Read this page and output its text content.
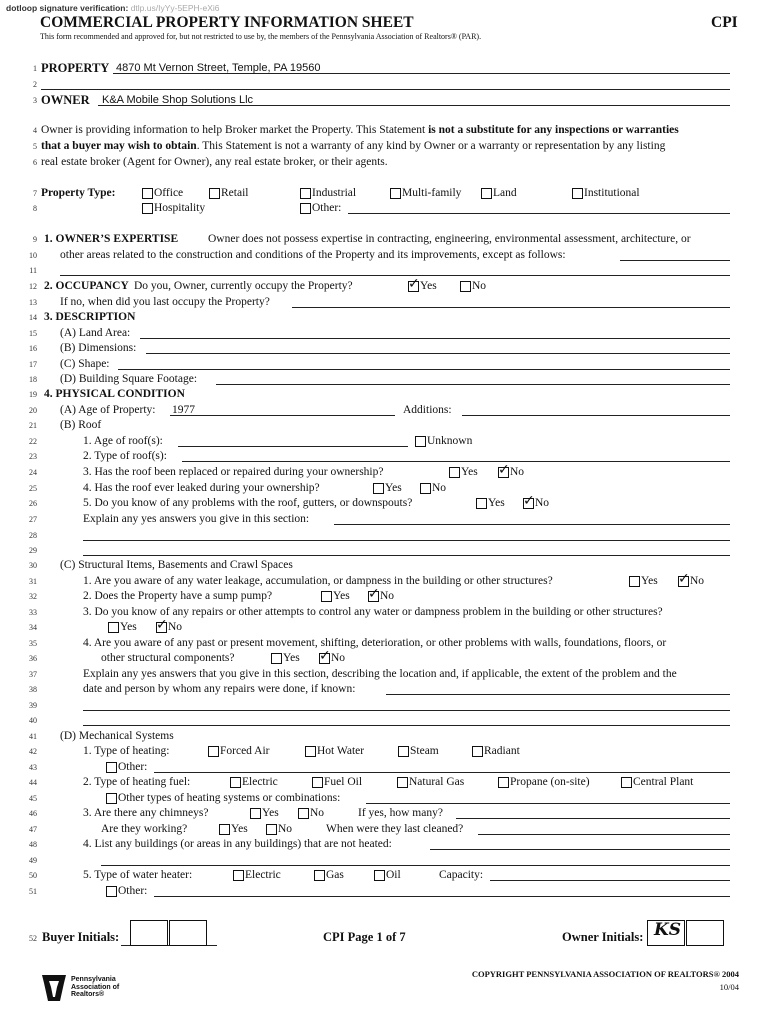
dotloop signature verification: dtlp.us/IyYy-5EPH-eXi6
COMMERCIAL PROPERTY INFORMATION SHEET	CPI
This form recommended and approved for, but not restricted to use by, the members of the Pennsylvania Association of Realtors® (PAR).
1 PROPERTY 4870 Mt Vernon Street, Temple, PA 19560
2
3 OWNER K&A Mobile Shop Solutions Llc
4 Owner is providing information to help Broker market the Property. This Statement is not a substitute for any inspections or warranties
5 that a buyer may wish to obtain. This Statement is not a warranty of any kind by Owner or a warranty or representation by any listing
6 real estate broker (Agent for Owner), any real estate broker, or their agents.
7 Property Type:	Office	Retail	Industrial	Multi-family	Land	Institutional
8	Hospitality	Other:
9 1. OWNER’S EXPERTISE	Owner does not possess expertise in contracting, engineering, environmental assessment, architecture, or
10 other areas related to the construction and conditions of the Property and its improvements, except as follows:
11
12 2. OCCUPANCY Do you, Owner, currently occupy the Property? ✓	Yes	No
13 If no, when did you last occupy the Property?
14 3. DESCRIPTION
15 (A) Land Area:
16 (B) Dimensions:
17 (C) Shape:
18 (D) Building Square Footage:
19 4. PHYSICAL CONDITION
20 (A) Age of Property: 1977	Additions:
21 (B) Roof
22	1. Age of roof(s):	Unknown
23	2. Type of roof(s):
24	3. Has the roof been replaced or repaired during your ownership?	Yes ✓	No
25	4. Has the roof ever leaked during your ownership?	Yes	No
26	5. Do you know of any problems with the roof, gutters, or downspouts?	Yes ✓	No
27	Explain any yes answers you give in this section:
28
29
30 (C) Structural Items, Basements and Crawl Spaces
31	1. Are you aware of any water leakage, accumulation, or dampness in the building or other structures?	Yes ✓	No
32	2. Does the Property have a sump pump?	Yes ✓	No
33	3. Do you know of any repairs or other attempts to control any water or dampness problem in the building or other structures?
34	Yes ✓	No
35	4. Are you aware of any past or present movement, shifting, deterioration, or other problems with walls, foundations, floors, or
36	other structural components?	Yes ✓	No
37	Explain any yes answers that you give in this section, describing the location and, if applicable, the extent of the problem and the
38	date and person by whom any repairs were done, if known:
39
40
41 (D) Mechanical Systems
42	1. Type of heating:	Forced Air	Hot Water	Steam	Radiant
43	Other:
44	2. Type of heating fuel:	Electric	Fuel Oil	Natural Gas	Propane (on-site)	Central Plant
45	Other types of heating systems or combinations:
46	3. Are there any chimneys?	Yes	No	If yes, how many?
47	Are they working?	Yes	No	When were they last cleaned?
48	4. List any buildings (or areas in any buildings) that are not heated:
49
50	5. Type of water heater:	Electric	Gas	Oil	Capacity:
51	Other:
52 Buyer Initials:	CPI Page 1 of 7	Owner Initials: KS
Pennsylvania
Association of
Realtors®
COPYRIGHT PENNSYLVANIA ASSOCIATION OF REALTORS® 2004
10/04
